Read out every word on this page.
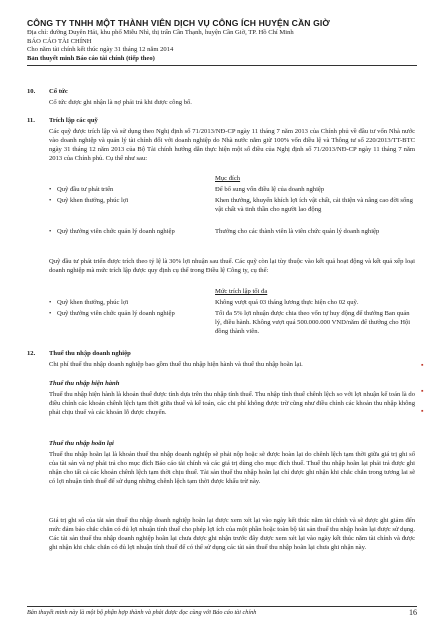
CÔNG TY TNHH MỘT THÀNH VIÊN DỊCH VỤ CÔNG ÍCH HUYỆN CẦN GIỜ
Địa chỉ: đường Duyên Hải, khu phố Miễu Nhì, thị trấn Cần Thạnh, huyện Cần Giờ, TP. Hồ Chí Minh
BÁO CÁO TÀI CHÍNH
Cho năm tài chính kết thúc ngày 31 tháng 12 năm 2014
Bản thuyết minh Báo cáo tài chính (tiếp theo)
10. Cổ tức
Cổ tức được ghi nhận là nợ phải trả khi được công bố.
11. Trích lập các quỹ
Các quỹ được trích lập và sử dụng theo Nghị định số 71/2013/NĐ-CP ngày 11 tháng 7 năm 2013 của Chính phủ về đầu tư vốn Nhà nước vào doanh nghiệp và quản lý tài chính đối với doanh nghiệp do Nhà nước nắm giữ 100% vốn điều lệ và Thông tư số 220/2013/TT-BTC ngày 31 tháng 12 năm 2013 của Bộ Tài chính hướng dẫn thực hiện một số điều của Nghị định số 71/2013/NĐ-CP ngày 11 tháng 7 năm 2013 của Chính phủ. Cụ thể như sau:
Mục đích
• Quỹ đầu tư phát triển	Để bổ sung vốn điều lệ của doanh nghiệp
• Quỹ khen thưởng, phúc lợi	Khen thưởng, khuyến khích lợi ích vật chất, cải thiện và nâng cao đời sống vật chất và tinh thần cho người lao động
• Quỹ thưởng viên chức quản lý doanh nghiệp	Thưởng cho các thành viên là viên chức quản lý doanh nghiệp
Quỹ đầu tư phát triển được trích theo tỷ lệ là 30% lợi nhuận sau thuế. Các quỹ còn lại tùy thuộc vào kết quả hoạt động và kết quả xếp loại doanh nghiệp mà mức trích lập được quy định cụ thể trong Điều lệ Công ty, cụ thể:
Mức trích lập tối đa
• Quỹ khen thưởng, phúc lợi	Không vượt quá 03 tháng lương thực hiện cho 02 quỹ.
• Quỹ thưởng viên chức quản lý doanh nghiệp	Tối đa 5% lợi nhuận được chia theo vốn tự huy động để thưởng Ban quản lý, điều hành. Không vượt quá 500.000.000 VND/năm để thưởng cho Hội đồng thành viên.
12. Thuế thu nhập doanh nghiệp
Chi phí thuế thu nhập doanh nghiệp bao gồm thuế thu nhập hiện hành và thuế thu nhập hoãn lại.
Thuế thu nhập hiện hành
Thuế thu nhập hiện hành là khoản thuế được tính dựa trên thu nhập tính thuế. Thu nhập tính thuế chênh lệch so với lợi nhuận kế toán là do điều chỉnh các khoản chênh lệch tạm thời giữa thuế và kế toán, các chi phí không được trừ cũng như điều chỉnh các khoản thu nhập không phải chịu thuế và các khoản lỗ được chuyển.
Thuế thu nhập hoãn lại
Thuế thu nhập hoãn lại là khoản thuế thu nhập doanh nghiệp sẽ phải nộp hoặc sẽ được hoàn lại do chênh lệch tạm thời giữa giá trị ghi sổ của tài sản và nợ phải trả cho mục đích Báo cáo tài chính và các giá trị dùng cho mục đích thuế. Thuế thu nhập hoãn lại phải trả được ghi nhận cho tất cả các khoản chênh lệch tạm thời chịu thuế. Tài sản thuế thu nhập hoãn lại chỉ được ghi nhận khi chắc chắn trong tương lai sẽ có lợi nhuận tính thuế để sử dụng những chênh lệch tạm thời được khấu trừ này.
Giá trị ghi sổ của tài sản thuế thu nhập doanh nghiệp hoãn lại được xem xét lại vào ngày kết thúc năm tài chính và sẽ được ghi giảm đến mức đảm bảo chắc chắn có đủ lợi nhuận tính thuế cho phép lợi ích của một phần hoặc toàn bộ tài sản thuế thu nhập hoãn lại được sử dụng. Các tài sản thuế thu nhập doanh nghiệp hoãn lại chưa được ghi nhận trước đây được xem xét lại vào ngày kết thúc năm tài chính và được ghi nhận khi chắc chắn có đủ lợi nhuận tính thuế để có thể sử dụng các tài sản thuế thu nhập hoãn lại chưa ghi nhận này.
▪
▪
▪
Bản thuyết minh này là một bộ phận hợp thành và phải được đọc cùng với Báo cáo tài chính	16
